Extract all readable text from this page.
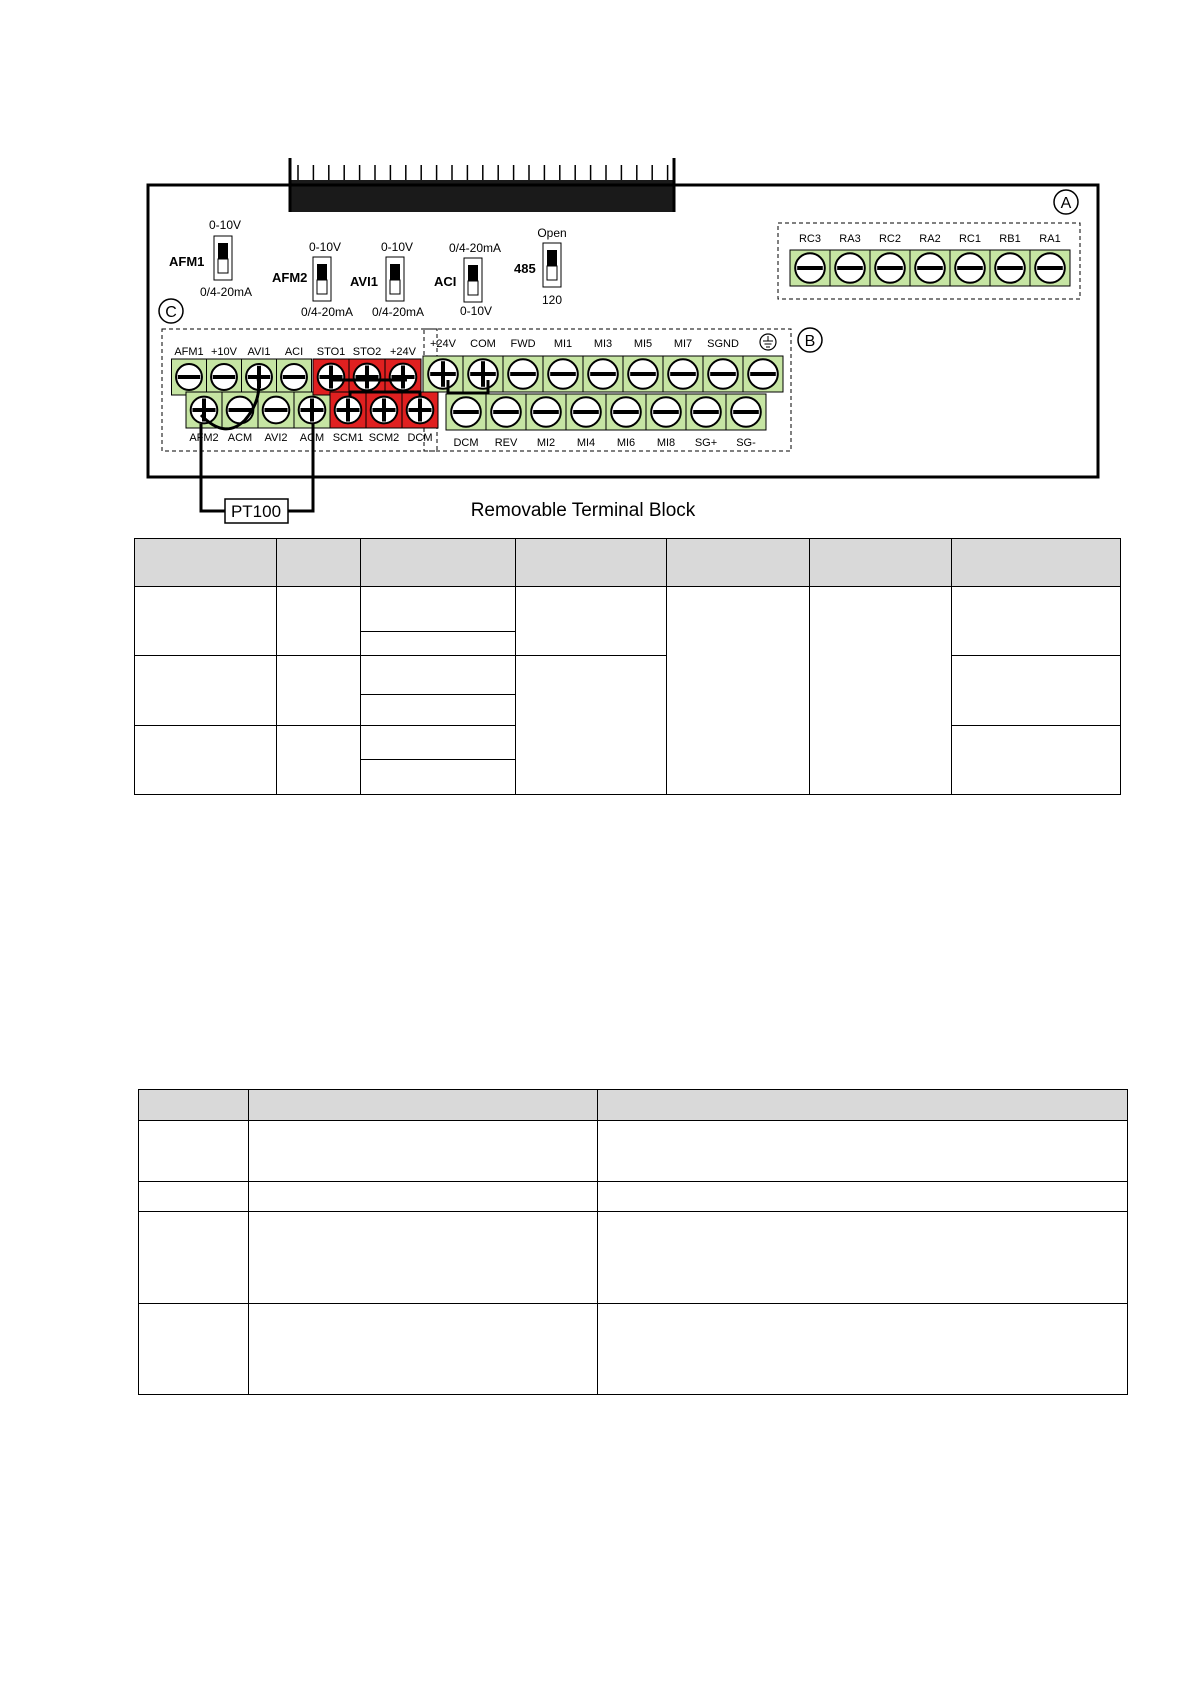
A
B
C
0-10V
AFM1
0/4-20mA
0-10V
AFM2
0/4-20mA
0-10V
AVI1
0/4-20mA
0/4-20mA
ACI
0-10V
Open
485
120
RC3 RA3 RC2 RA2 RC1 RB1 RA1
AFM1 +10V AVI1 ACI
AFM2 ACM AVI2 ACM
STO1 STO2 +24V
SCM1 SCM2 DCM
+24V COM FWD MI1 MI3 MI5 MI7 SGND
DCM REV MI2 MI4 MI6 MI8 SG+ SG-
PT100	Removable Terminal Block
